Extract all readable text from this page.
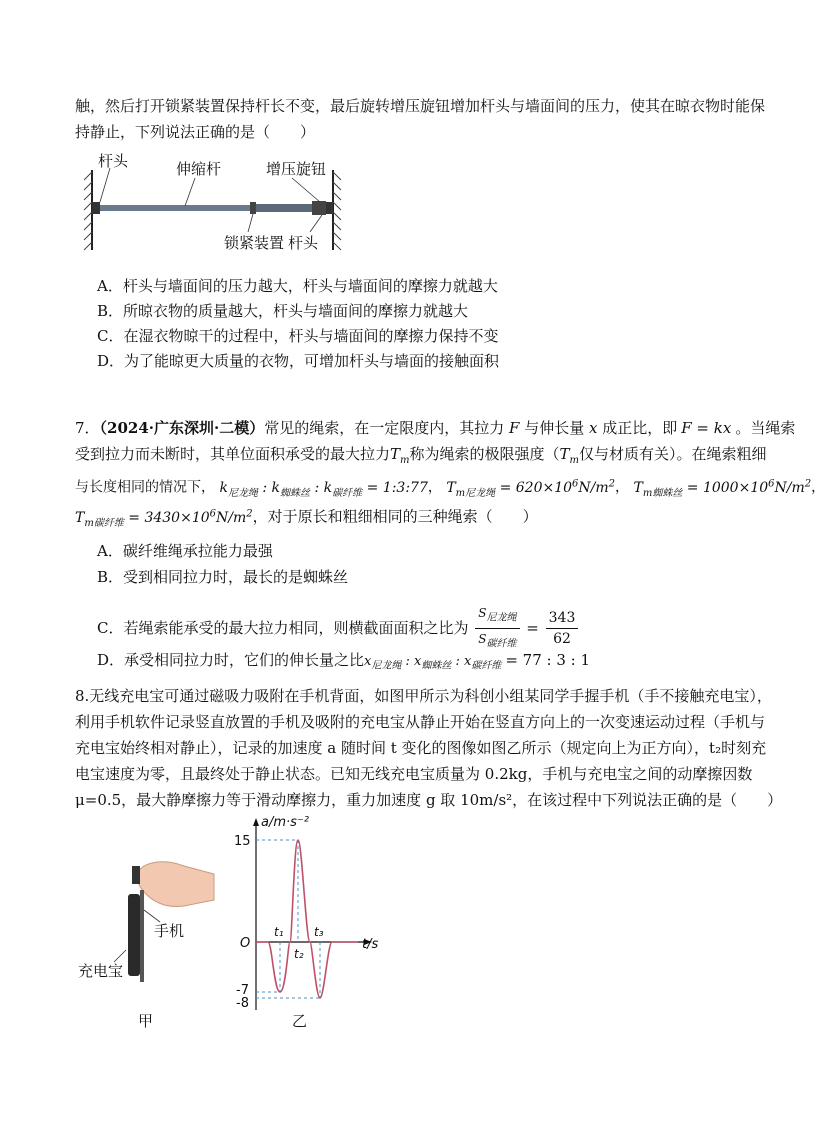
触，然后打开锁紧装置保持杆长不变，最后旋转增压旋钮增加杆头与墙面间的压力，使其在晾衣物时能保
持静止，下列说法正确的是（　　）
杆头	伸缩杆	增压旋钮
锁紧装置 杆头
A．杆头与墙面间的压力越大，杆头与墙面间的摩擦力就越大
B．所晾衣物的质量越大，杆头与墙面间的摩擦力就越大
C．在湿衣物晾干的过程中，杆头与墙面间的摩擦力保持不变
D．为了能晾更大质量的衣物，可增加杆头与墙面的接触面积
7．（2024·广东深圳·二模）常见的绳索，在一定限度内，其拉力 F 与伸长量 x 成正比，即 F = kx 。当绳索
受到拉力而未断时，其单位面积承受的最大拉力$T_m$称为绳索的极限强度（$T_m$仅与材质有关）。在绳索粗细
与长度相同的情况下， $k_{尼龙绳}$ : $k_{蜘蛛丝}$ : $k_{碳纤维}$ = 1:3:77， $T_{m尼龙绳} = 620\times 10^6N/m^2$， $T_{m蜘蛛丝} = 1000\times 10^6N/m^2$，
$T_{m碳纤维} = 3430\times 10^6N/m^2$，对于原长和粗细相同的三种绳索（　　）
A．碳纤维绳承拉能力最强
B．受到相同拉力时，最长的是蜘蛛丝
C．若绳索能承受的最大拉力相同，则横截面面积之比为 $\frac{S_{尼龙绳}}{S_{碳纤维}} = \frac{343}{62}$
D．承受相同拉力时，它们的伸长量之比$x_{尼龙绳}$ : $x_{蜘蛛丝}$ : $x_{碳纤维} = 77$ : 3 : 1
8.无线充电宝可通过磁吸力吸附在手机背面，如图甲所示为科创小组某同学手握手机（手不接触充电宝），
利用手机软件记录竖直放置的手机及吸附的充电宝从静止开始在竖直方向上的一次变速运动过程（手机与
充电宝始终相对静止），记录的加速度 a 随时间 t 变化的图像如图乙所示（规定向上为正方向），t₂时刻充
电宝速度为零，且最终处于静止状态。已知无线充电宝质量为 0.2kg，手机与充电宝之间的动摩擦因数
μ=0.5，最大静摩擦力等于滑动摩擦力，重力加速度 g 取 10m/s²，在该过程中下列说法正确的是（　　）
手机
充电宝
甲
a/m·s⁻²
t/s
O
15
-7
-8
t₁
t₂
t₃
乙
